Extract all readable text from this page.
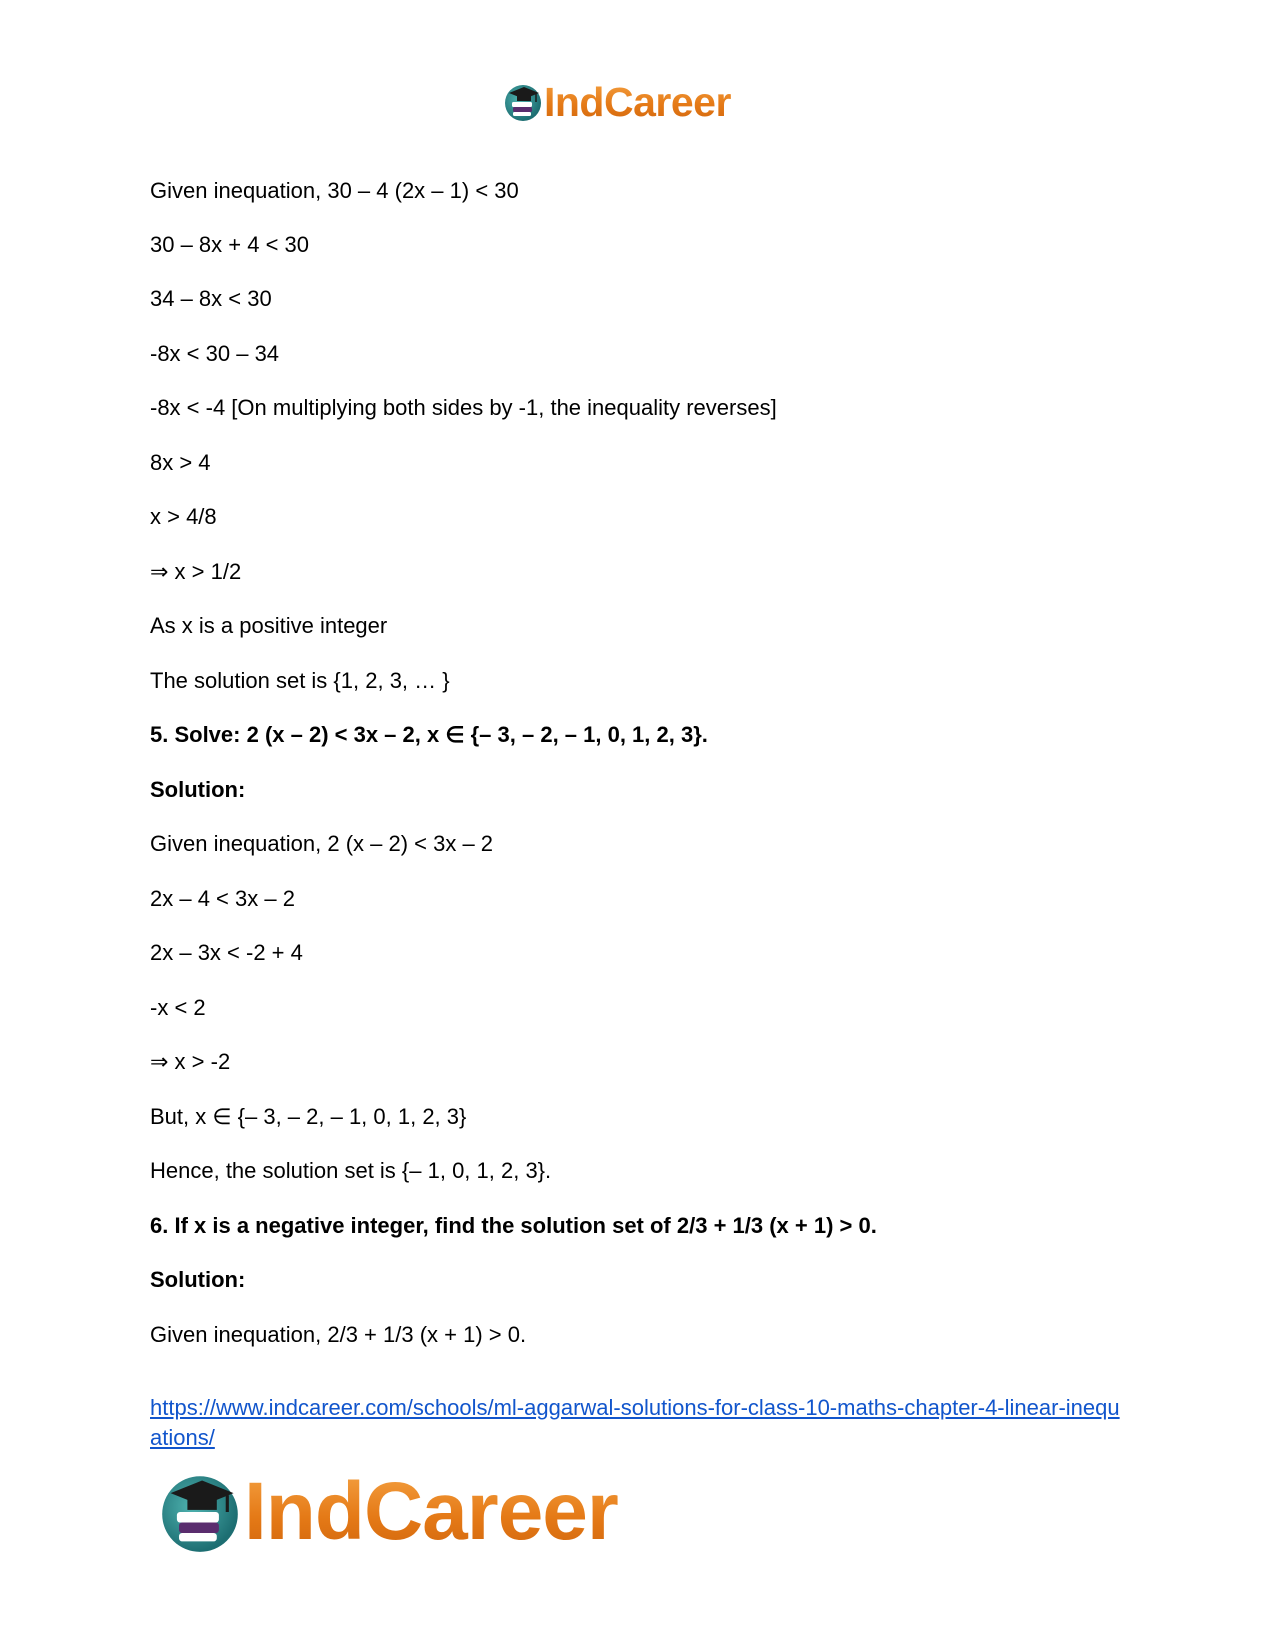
IndCareer
Given inequation, 30 – 4 (2x – 1) < 30
30 – 8x + 4 < 30
34 – 8x < 30
-8x < 30 – 34
-8x < -4 [On multiplying both sides by -1, the inequality reverses]
8x > 4
x > 4/8
⇒ x > 1/2
As x is a positive integer
The solution set is {1, 2, 3, … }
5. Solve: 2 (x – 2) < 3x – 2, x ∈ {– 3, – 2, – 1, 0, 1, 2, 3}.
Solution:
Given inequation, 2 (x – 2) < 3x – 2
2x – 4 < 3x – 2
2x – 3x < -2 + 4
-x < 2
⇒ x > -2
But, x ∈ {– 3, – 2, – 1, 0, 1, 2, 3}
Hence, the solution set is {– 1, 0, 1, 2, 3}.
6. If x is a negative integer, find the solution set of 2/3 + 1/3 (x + 1) > 0.
Solution:
Given inequation, 2/3 + 1/3 (x + 1) > 0.
https://www.indcareer.com/schools/ml-aggarwal-solutions-for-class-10-maths-chapter-4-linear-inequations/
IndCareer
